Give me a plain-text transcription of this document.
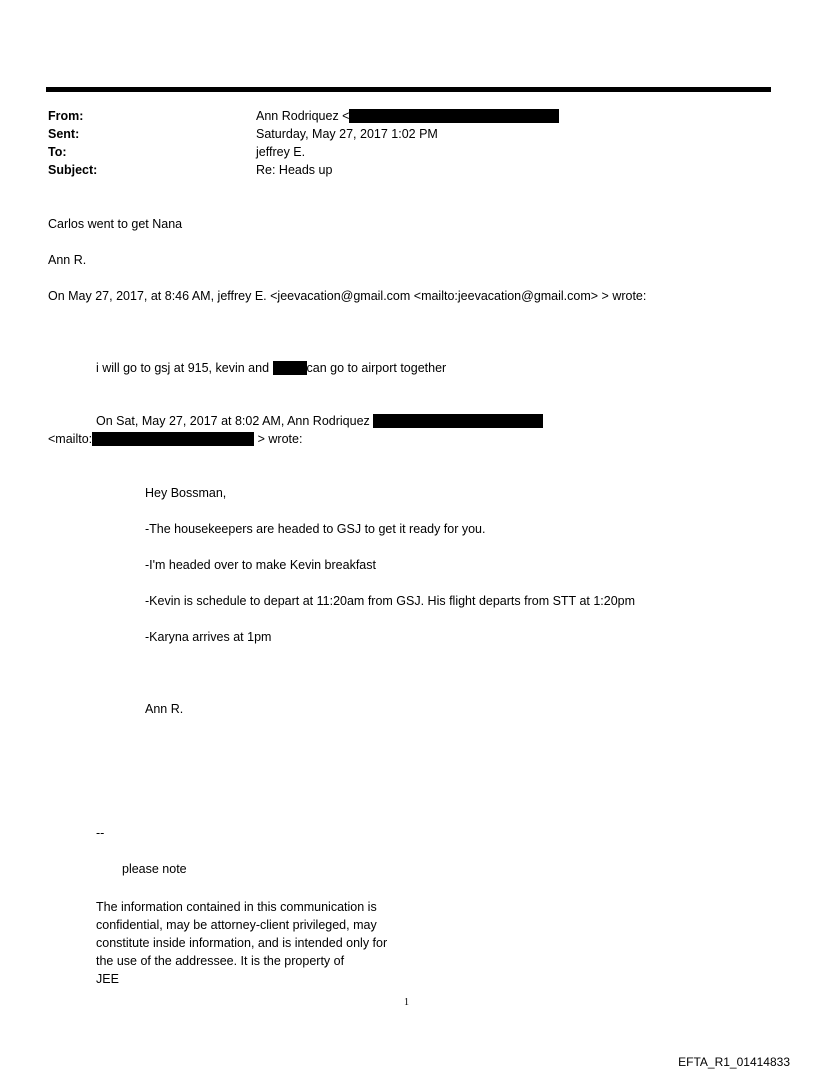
From:	Ann Rodriquez <
Sent:	Saturday, May 27, 2017 1:02 PM
To:	jeffrey E.
Subject:	Re: Heads up
Carlos went to get Nana
Ann R.
On May 27, 2017, at 8:46 AM, jeffrey E. <jeevacation@gmail.com <mailto:jeevacation@gmail.com> > wrote:
i will go to gsj at 915, kevin and	can go to airport together
On Sat, May 27, 2017 at 8:02 AM, Ann Rodriquez
<mailto:	> wrote:
Hey Bossman,
-The housekeepers are headed to GSJ to get it ready for you.
-I'm headed over to make Kevin breakfast
-Kevin is schedule to depart at 11:20am from GSJ. His flight departs from STT at 1:20pm
-Karyna arrives at 1pm
Ann R.
--
please note
The information contained in this communication is
confidential, may be attorney-client privileged, may
constitute inside information, and is intended only for
the use of the addressee. It is the property of
JEE
1
EFTA_R1_01414833
